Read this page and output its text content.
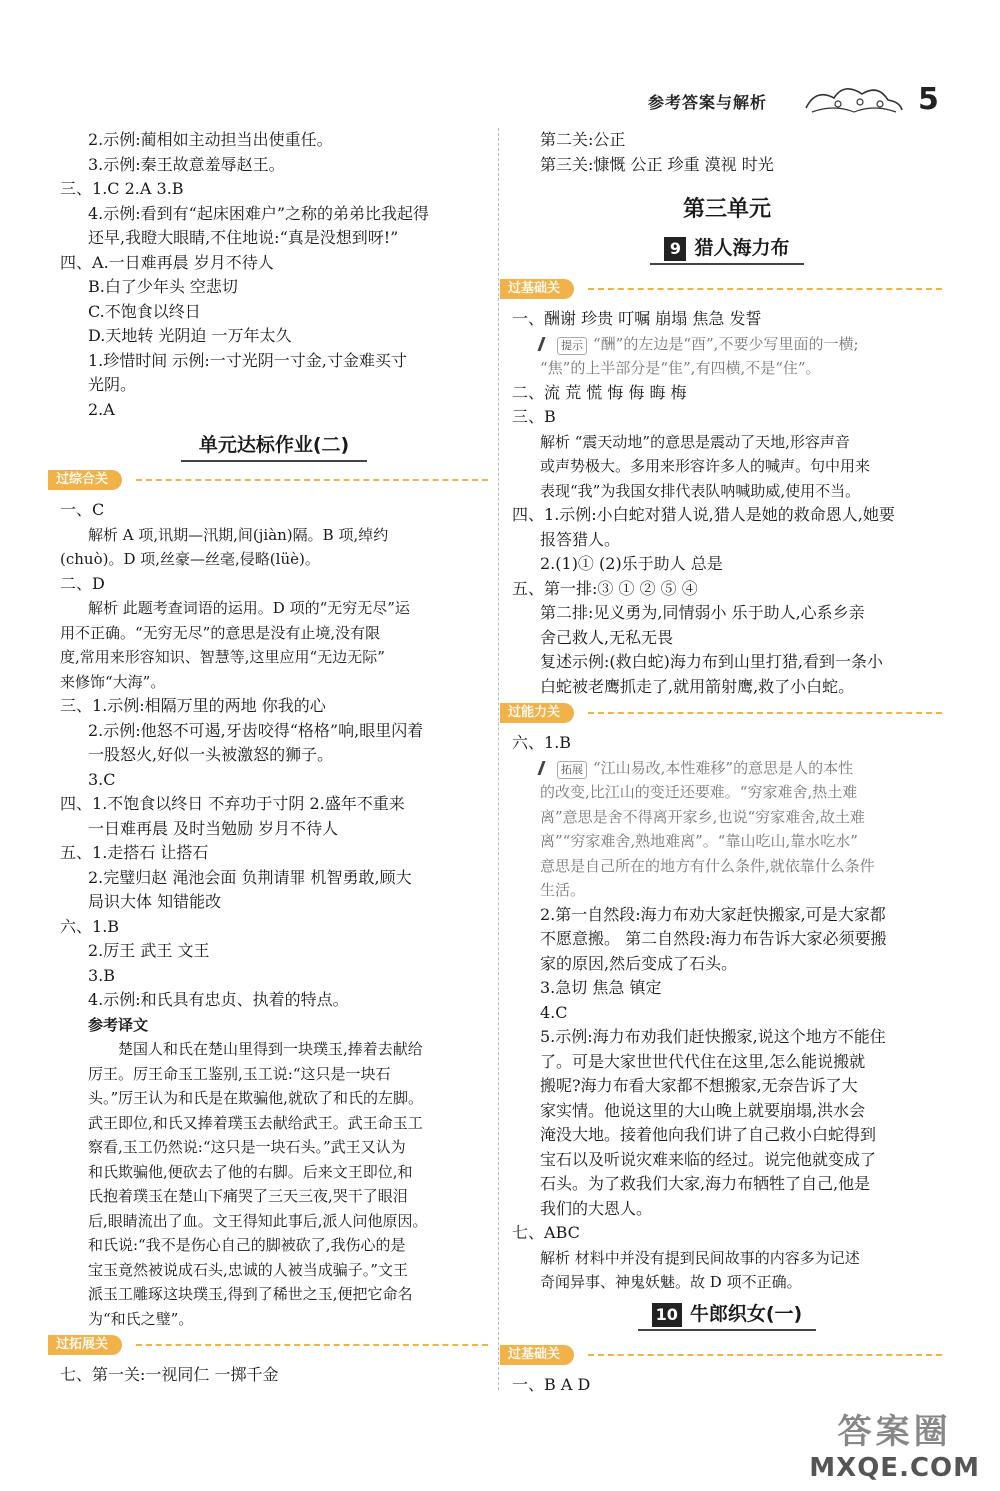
参考答案与解析	5
2.示例:蔺相如主动担当出使重任。
3.示例:秦王故意羞辱赵王。
三、1.C 2.A 3.B
4.示例:看到有“起床困难户”之称的弟弟比我起得
还早,我瞪大眼睛,不住地说:“真是没想到呀!”
四、A.一日难再晨 岁月不待人
B.白了少年头 空悲切
C.不饱食以终日
D.天地转 光阴迫 一万年太久
1.珍惜时间 示例:一寸光阴一寸金,寸金难买寸
光阴。
2.A
单元达标作业(二)
过综合关
一、C
解析 A 项,讯期—汛期,间(jiàn)隔。B 项,绰约
(chuò)。D 项,丝豪—丝毫,侵略(lüè)。
二、D
解析 此题考查词语的运用。D 项的“无穷无尽”运
用不正确。“无穷无尽”的意思是没有止境,没有限
度,常用来形容知识、智慧等,这里应用“无边无际”
来修饰“大海”。
三、1.示例:相隔万里的两地 你我的心
2.示例:他怒不可遏,牙齿咬得“格格”响,眼里闪着
一股怒火,好似一头被激怒的狮子。
3.C
四、1.不饱食以终日 不弃功于寸阴 2.盛年不重来
一日难再晨 及时当勉励 岁月不待人
五、1.走搭石 让搭石
2.完璧归赵 渑池会面 负荆请罪 机智勇敢,顾大
局识大体 知错能改
六、1.B
2.厉王 武王 文王
3.B
4.示例:和氏具有忠贞、执着的特点。
参考译文
楚国人和氏在楚山里得到一块璞玉,捧着去献给
厉王。厉王命玉工鉴别,玉工说:“这只是一块石
头。”厉王认为和氏是在欺骗他,就砍了和氏的左脚。
武王即位,和氏又捧着璞玉去献给武王。武王命玉工
察看,玉工仍然说:“这只是一块石头。”武王又认为
和氏欺骗他,便砍去了他的右脚。后来文王即位,和
氏抱着璞玉在楚山下痛哭了三天三夜,哭干了眼泪
后,眼睛流出了血。文王得知此事后,派人问他原因。
和氏说:“我不是伤心自己的脚被砍了,我伤心的是
宝玉竟然被说成石头,忠诚的人被当成骗子。”文王
派玉工雕琢这块璞玉,得到了稀世之玉,便把它命名
为“和氏之璧”。
过拓展关
七、第一关:一视同仁 一掷千金
第二关:公正
第三关:慷慨 公正 珍重 漠视 时光
第三单元
9 猎人海力布
过基础关
一、酬谢 珍贵 叮嘱 崩塌 焦急 发誓
提示 “酬”的左边是“酉”,不要少写里面的一横;
“焦”的上半部分是“隹”,有四横,不是“住”。
二、流 荒 慌 悔 侮 晦 梅
三、B
解析 “震天动地”的意思是震动了天地,形容声音
或声势极大。多用来形容许多人的喊声。句中用来
表现“我”为我国女排代表队呐喊助威,使用不当。
四、1.示例:小白蛇对猎人说,猎人是她的救命恩人,她要
报答猎人。
2.(1)① (2)乐于助人 总是
五、第一排:③ ① ② ⑤ ④
第二排:见义勇为,同情弱小 乐于助人,心系乡亲
舍己救人,无私无畏
复述示例:(救白蛇)海力布到山里打猎,看到一条小
白蛇被老鹰抓走了,就用箭射鹰,救了小白蛇。
过能力关
六、1.B
拓展 “江山易改,本性难移”的意思是人的本性
的改变,比江山的变迁还要难。“穷家难舍,热土难
离”意思是舍不得离开家乡,也说“穷家难舍,故土难
离”“穷家难舍,熟地难离”。“靠山吃山,靠水吃水”
意思是自己所在的地方有什么条件,就依靠什么条件
生活。
2.第一自然段:海力布劝大家赶快搬家,可是大家都
不愿意搬。 第二自然段:海力布告诉大家必须要搬
家的原因,然后变成了石头。
3.急切 焦急 镇定
4.C
5.示例:海力布劝我们赶快搬家,说这个地方不能住
了。可是大家世世代代住在这里,怎么能说搬就
搬呢?海力布看大家都不想搬家,无奈告诉了大
家实情。他说这里的大山晚上就要崩塌,洪水会
淹没大地。接着他向我们讲了自己救小白蛇得到
宝石以及听说灾难来临的经过。说完他就变成了
石头。为了救我们大家,海力布牺牲了自己,他是
我们的大恩人。
七、ABC
解析 材料中并没有提到民间故事的内容多为记述
奇闻异事、神鬼妖魅。故 D 项不正确。
10 牛郎织女(一)
过基础关
一、B A D
答案圈
MXQE.COM
